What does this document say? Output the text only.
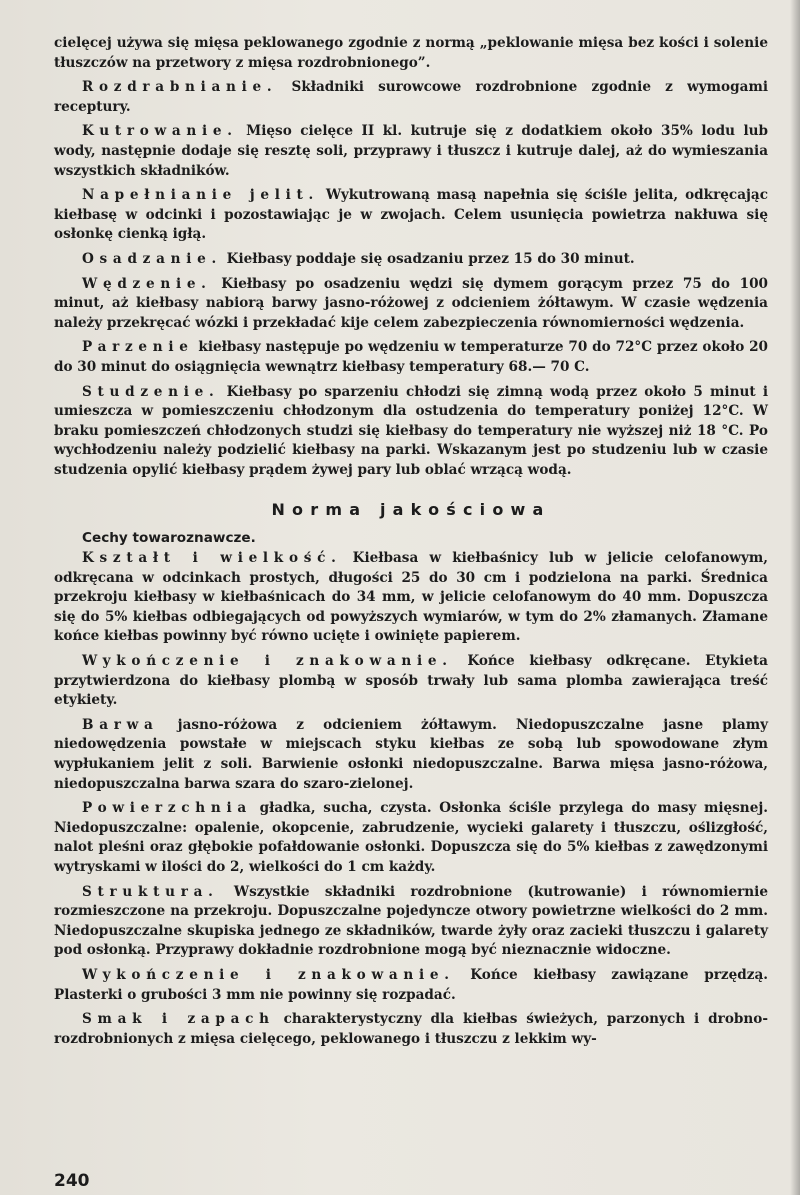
cielęcej używa się mięsa peklowanego zgodnie z normą „peklowanie mięsa bez kości i solenie tłuszczów na przetwory z mięsa rozdrobnionego”.

Rozdrabnianie. Składniki surowcowe rozdrobnione zgodnie z wymogami receptury.

Kutrowanie. Mięso cielęce II kl. kutruje się z dodatkiem około 35% lodu lub wody, następnie dodaje się resztę soli, przyprawy i tłuszcz i kutruje dalej, aż do wymieszania wszystkich składników.

Napełnianie jelit. Wykutrowaną masą napełnia się ściśle jelita, odkręcając kiełbasę w odcinki i pozostawiając je w zwojach. Celem usunięcia powietrza nakłuwa się osłonkę cienką igłą.

Osadzanie. Kiełbasy poddaje się osadzaniu przez 15 do 30 minut.

Wędzenie. Kiełbasy po osadzeniu wędzi się dymem gorącym przez 75 do 100 minut, aż kiełbasy nabiorą barwy jasno-różowej z odcieniem żółtawym. W czasie wędzenia należy przekręcać wózki i przekładać kije celem zabezpieczenia równomierności wędzenia.

Parzenie kiełbasy następuje po wędzeniu w temperaturze 70 do 72°C przez około 20 do 30 minut do osiągnięcia wewnątrz kiełbasy temperatury 68.— 70 C.

Studzenie. Kiełbasy po sparzeniu chłodzi się zimną wodą przez około 5 minut i umieszcza w pomieszczeniu chłodzonym dla ostudzenia do temperatury poniżej 12°C. W braku pomieszczeń chłodzonych studzi się kiełbasy do temperatury nie wyższej niż 18 °C. Po wychłodzeniu należy podzielić kiełbasy na parki. Wskazanym jest po studzeniu lub w czasie studzenia opylić kiełbasy prądem żywej pary lub oblać wrzącą wodą.

Norma jakościowa
Cechy towaroznawcze.

Kształt i wielkość. Kiełbasa w kiełbaśnicy lub w jelicie celofanowym, odkręcana w odcinkach prostych, długości 25 do 30 cm i podzielona na parki. Średnica przekroju kiełbasy w kiełbaśnicach do 34 mm, w jelicie celofanowym do 40 mm. Dopuszcza się do 5% kiełbas odbiegających od powyższych wymiarów, w tym do 2% złamanych. Złamane końce kiełbas powinny być równo ucięte i owinięte papierem.

Wykończenie i znakowanie. Końce kiełbasy odkręcane. Etykieta przytwierdzona do kiełbasy plombą w sposób trwały lub sama plomba zawierająca treść etykiety.

Barwa jasno-różowa z odcieniem żółtawym. Niedopuszczalne jasne plamy niedowędzenia powstałe w miejscach styku kiełbas ze sobą lub spowodowane złym wypłukaniem jelit z soli. Barwienie osłonki niedopuszczalne. Barwa mięsa jasno-różowa, niedopuszczalna barwa szara do szaro-zielonej.

Powierzchnia gładka, sucha, czysta. Osłonka ściśle przylega do masy mięsnej. Niedopuszczalne: opalenie, okopcenie, zabrudzenie, wycieki galarety i tłuszczu, oślizgłość, nalot pleśni oraz głębokie pofałdowanie osłonki. Dopuszcza się do 5% kiełbas z zawędzonymi wytryskami w ilości do 2, wielkości do 1 cm każdy.

Struktura. Wszystkie składniki rozdrobnione (kutrowanie) i równomiernie rozmieszczone na przekroju. Dopuszczalne pojedyncze otwory powietrzne wielkości do 2 mm. Niedopuszczalne skupiska jednego ze składników, twarde żyły oraz zacieki tłuszczu i galarety pod osłonką. Przyprawy dokładnie rozdrobnione mogą być nieznacznie widoczne.

Wykończenie i znakowanie. Końce kiełbasy zawiązane przędzą. Plasterki o grubości 3 mm nie powinny się rozpadać.

Smak i zapach charakterystyczny dla kiełbas świeżych, parzonych i drobno-rozdrobnionych z mięsa cielęcego, peklowanego i tłuszczu z lekkim wy-

240
